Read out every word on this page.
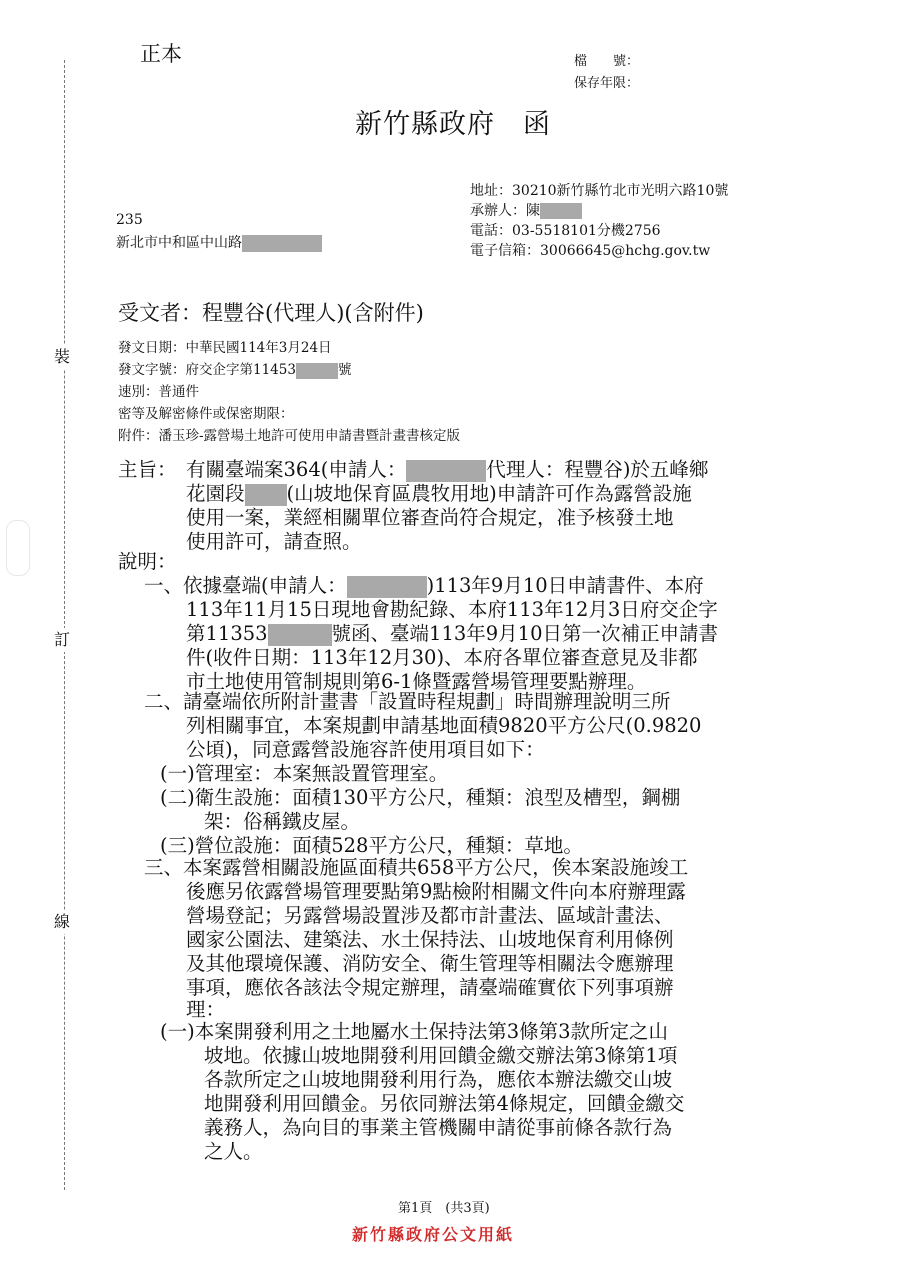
裝
訂
線
正本	檔　　號：
保存年限：
新竹縣政府　函
地址：30210新竹縣竹北市光明六路10號
承辦人：陳
電話：03-5518101分機2756
電子信箱：30066645@hchg.gov.tw
235
新北市中和區中山路
受文者：程豐谷(代理人)(含附件)
發文日期：中華民國114年3月24日
發文字號：府交企字第11453	號
速別：普通件
密等及解密條件或保密期限：
附件：潘玉珍-露營場土地許可使用申請書暨計畫書核定版
主旨： 有關臺端案364(申請人：	代理人：程豐谷)於五峰鄉
花園段 (山坡地保育區農牧用地)申請許可作為露營設施
使用一案，業經相關單位審查尚符合規定，准予核發土地
使用許可，請查照。
說明：
一、依據臺端(申請人：	)113年9月10日申請書件、本府
113年11月15日現地會勘紀錄、本府113年12月3日府交企字
第11353	號函、臺端113年9月10日第一次補正申請書
件(收件日期：113年12月30)、本府各單位審查意見及非都
市土地使用管制規則第6-1條暨露營場管理要點辦理。
二、請臺端依所附計畫書「設置時程規劃」時間辦理說明三所
列相關事宜，本案規劃申請基地面積9820平方公尺(0.9820
公頃)，同意露營設施容許使用項目如下：
(一)管理室：本案無設置管理室。
(二)衛生設施：面積130平方公尺，種類：浪型及槽型，鋼棚
架：俗稱鐵皮屋。
(三)營位設施：面積528平方公尺，種類：草地。
三、本案露營相關設施區面積共658平方公尺，俟本案設施竣工
後應另依露營場管理要點第9點檢附相關文件向本府辦理露
營場登記；另露營場設置涉及都市計畫法、區域計畫法、
國家公園法、建築法、水土保持法、山坡地保育利用條例
及其他環境保護、消防安全、衛生管理等相關法令應辦理
事項，應依各該法令規定辦理，請臺端確實依下列事項辦
理：
(一)本案開發利用之土地屬水土保持法第3條第3款所定之山
坡地。依據山坡地開發利用回饋金繳交辦法第3條第1項
各款所定之山坡地開發利用行為，應依本辦法繳交山坡
地開發利用回饋金。另依同辦法第4條規定，回饋金繳交
義務人，為向目的事業主管機關申請從事前條各款行為
之人。
第1頁　(共3頁)
新竹縣政府公文用紙
